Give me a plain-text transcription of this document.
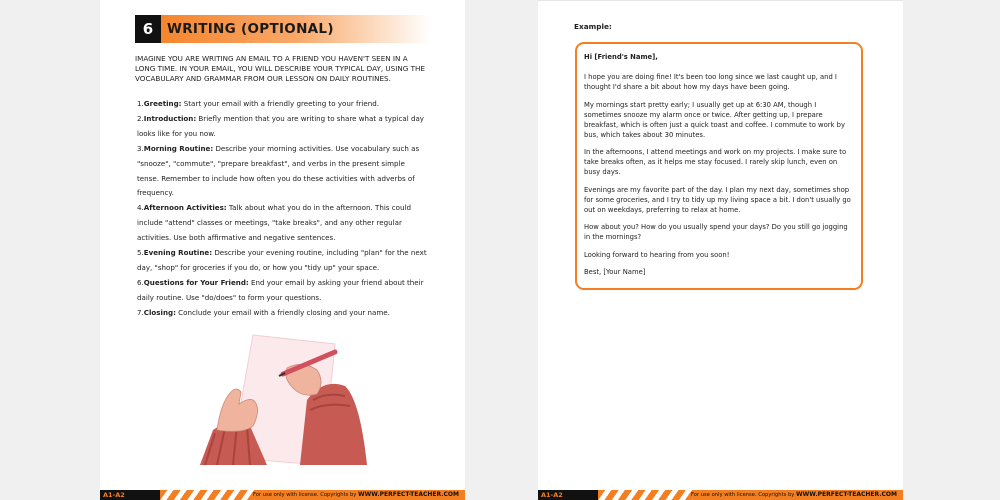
6	WRITING (OPTIONAL)

IMAGINE YOU ARE WRITING AN EMAIL TO A FRIEND YOU HAVEN'T SEEN IN A LONG TIME. IN YOUR EMAIL, YOU WILL DESCRIBE YOUR TYPICAL DAY, USING THE VOCABULARY AND GRAMMAR FROM OUR LESSON ON DAILY ROUTINES.

1.Greeting: Start your email with a friendly greeting to your friend.
2.Introduction: Briefly mention that you are writing to share what a typical day looks like for you now.
3.Morning Routine: Describe your morning activities. Use vocabulary such as "snooze", "commute", "prepare breakfast", and verbs in the present simple tense. Remember to include how often you do these activities with adverbs of frequency.
4.Afternoon Activities: Talk about what you do in the afternoon. This could include "attend" classes or meetings, "take breaks", and any other regular activities. Use both affirmative and negative sentences.
5.Evening Routine: Describe your evening routine, including "plan" for the next day, "shop" for groceries if you do, or how you "tidy up" your space.
6.Questions for Your Friend: End your email by asking your friend about their daily routine. Use "do/does" to form your questions.
7.Closing: Conclude your email with a friendly closing and your name.
A1-A2	For use only with license. Copyrights by WWW.PERFECT-TEACHER.COM
Example:

Hi [Friend's Name],

I hope you are doing fine! It's been too long since we last caught up, and I thought I'd share a bit about how my days have been going.

My mornings start pretty early; I usually get up at 6:30 AM, though I sometimes snooze my alarm once or twice. After getting up, I prepare breakfast, which is often just a quick toast and coffee. I commute to work by bus, which takes about 30 minutes.

In the afternoons, I attend meetings and work on my projects. I make sure to take breaks often, as it helps me stay focused. I rarely skip lunch, even on busy days.

Evenings are my favorite part of the day. I plan my next day, sometimes shop for some groceries, and I try to tidy up my living space a bit. I don't usually go out on weekdays, preferring to relax at home.

How about you? How do you usually spend your days? Do you still go jogging in the mornings?

Looking forward to hearing from you soon!

Best, [Your Name]

A1-A2	For use only with license. Copyrights by WWW.PERFECT-TEACHER.COM
